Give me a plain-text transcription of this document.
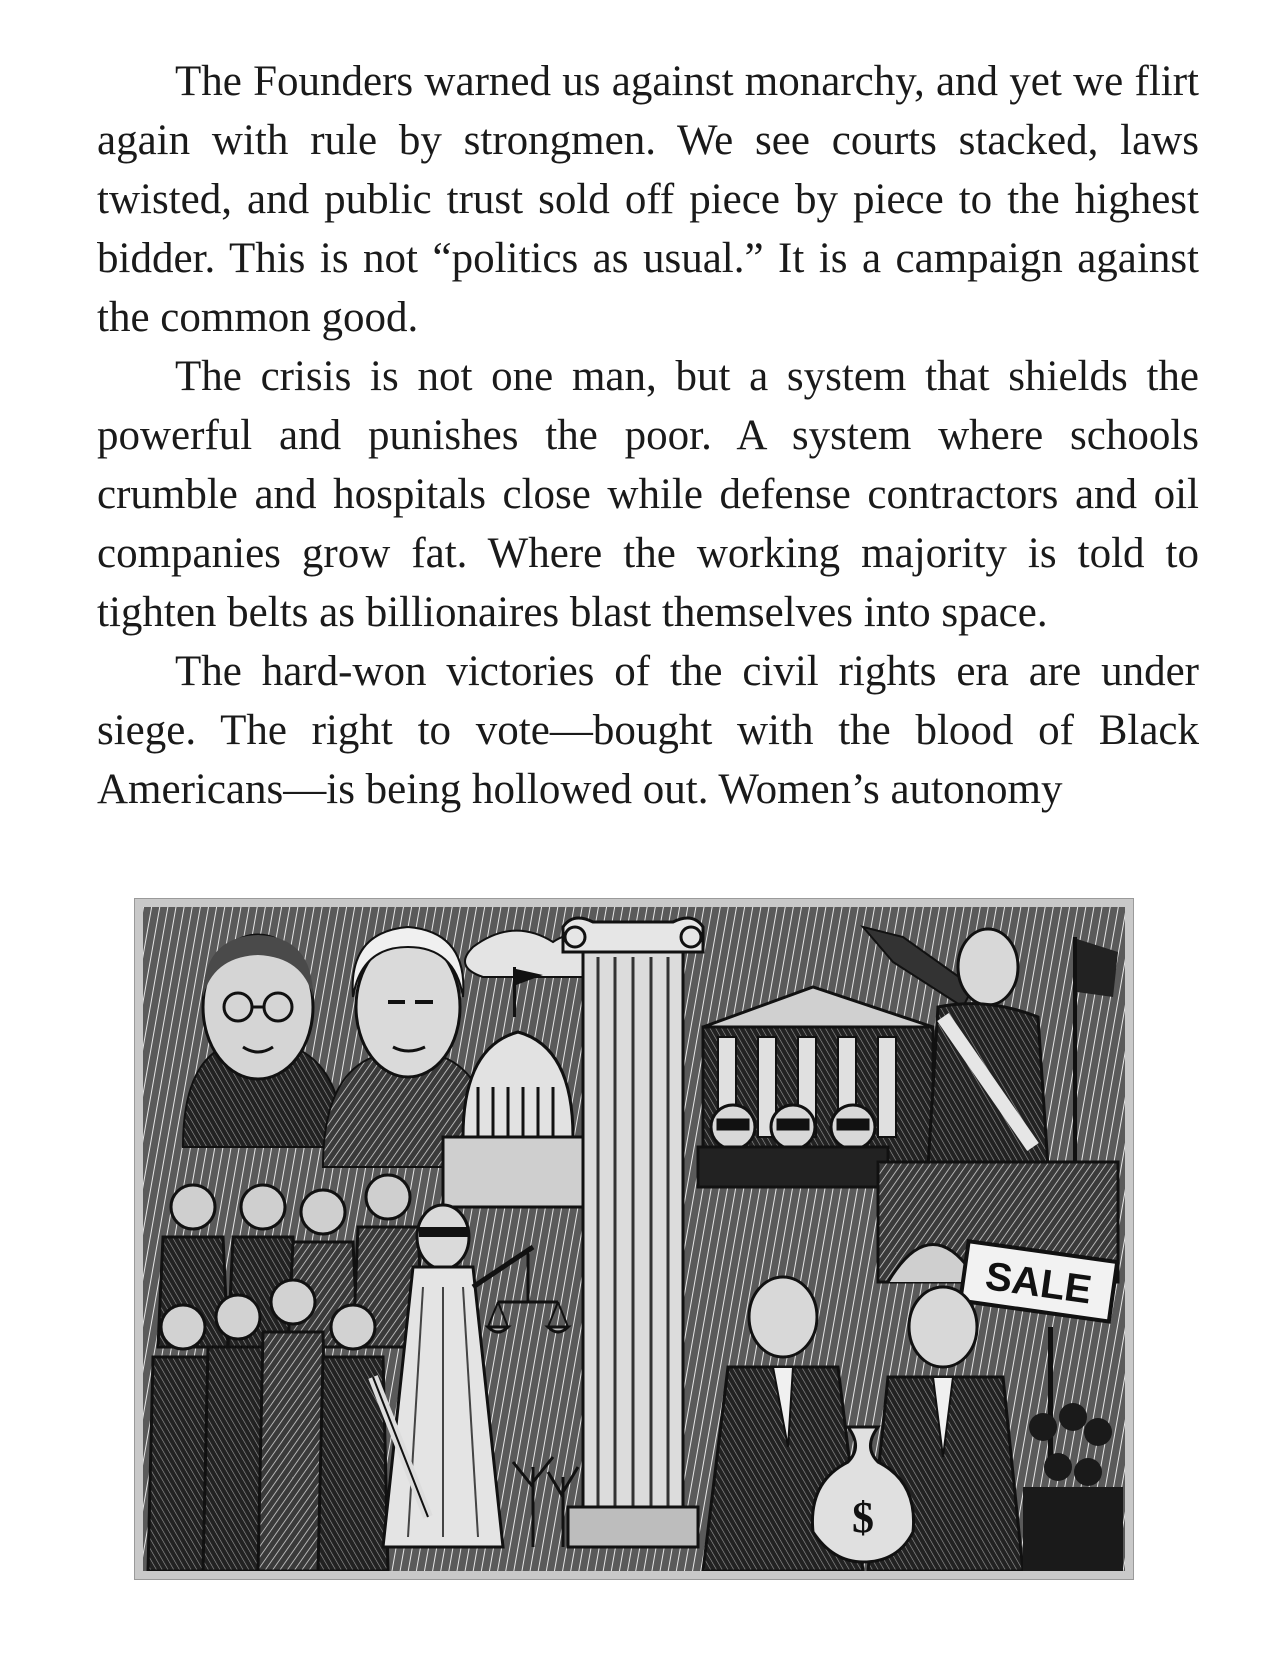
The Founders warned us against monarchy, and yet we flirt again with rule by strongmen. We see courts stacked, laws twisted, and public trust sold off piece by piece to the highest bidder. This is not “politics as usual.” It is a campaign against the common good.

The crisis is not one man, but a system that shields the powerful and punishes the poor. A system where schools crumble and hospitals close while defense contractors and oil companies grow fat. Where the working majority is told to tighten belts as billionaires blast themselves into space.

The hard-won victories of the civil rights era are under siege. The right to vote—bought with the blood of Black Americans—is being hollowed out. Women’s autonomy

SALE
$
